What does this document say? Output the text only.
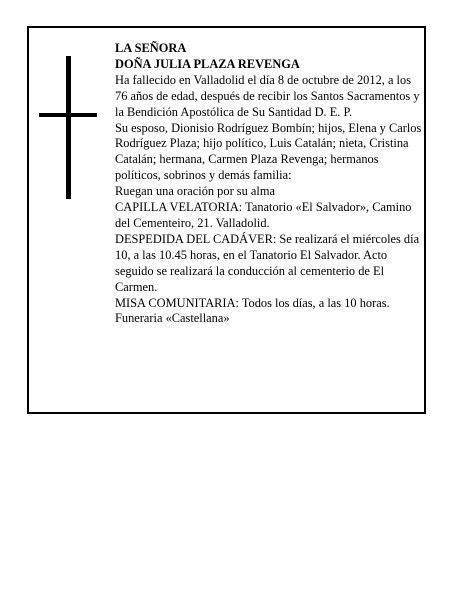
LA SEÑORA

DOÑA JULIA PLAZA REVENGA

Ha fallecido en Valladolid el día 8 de octubre de 2012, a los 76 años de edad, después de recibir los Santos Sacramentos y la Bendición Apostólica de Su Santidad D. E. P.

Su esposo, Dionisio Rodríguez Bombín; hijos, Elena y Carlos Rodríguez Plaza; hijo político, Luis Catalán; nieta, Cristina Catalán; hermana, Carmen Plaza Revenga; hermanos políticos, sobrinos y demás familia:

Ruegan una oración por su alma

CAPILLA VELATORIA: Tanatorio «El Salvador», Camino del Cementeiro, 21. Valladolid.

DESPEDIDA DEL CADÁVER: Se realizará el miércoles día 10, a las 10.45 horas, en el Tanatorio El Salvador. Acto seguido se realizará la conducción al cementerio de El Carmen.

MISA COMUNITARIA: Todos los días, a las 10 horas.

Funeraria «Castellana»
